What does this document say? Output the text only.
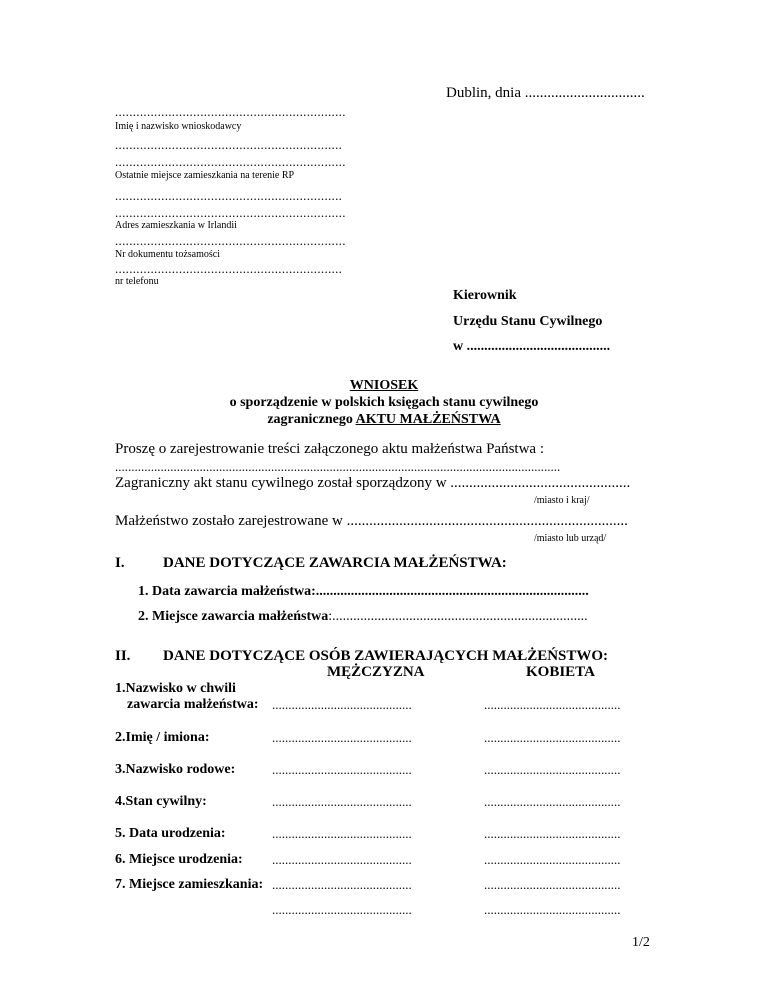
Dublin, dnia ................................
.................................................................
Imię i nazwisko wnioskodawcy
................................................................
.................................................................
Ostatnie miejsce zamieszkania na terenie RP
................................................................
.................................................................
Adres zamieszkania w Irlandii
.................................................................
Nr dokumentu tożsamości
................................................................
nr telefonu
Kierownik
Urzędu Stanu Cywilnego
w .........................................
WNIOSEK
o sporządzenie w polskich księgach stanu cywilnego
zagranicznego AKTU MAŁŻEŃSTWA
Proszę o zarejestrowanie treści załączonego aktu małżeństwa Państwa :
.........................................................................................................................................
Zagraniczny akt stanu cywilnego został sporządzony w ................................................
/miasto i kraj/
Małżeństwo zostało zarejestrowane w ...........................................................................
/miasto lub urząd/
I.	DANE DOTYCZĄCE ZAWARCIA MAŁŻEŃSTWA:
1. Data zawarcia małżeństwa:..............................................................................
2. Miejsce zawarcia małżeństwa:.........................................................................
II. DANE DOTYCZĄCE OSÓB ZAWIERAJĄCYCH MAŁŻEŃSTWO:
MĘŻCZYZNA	KOBIETA
1.Nazwisko w chwili
zawarcia małżeństwa: ...........................................	..........................................
2.Imię / imiona:	...........................................	..........................................
3.Nazwisko rodowe:	...........................................	..........................................
4.Stan cywilny:	...........................................	..........................................
5. Data urodzenia:	...........................................	..........................................
6. Miejsce urodzenia: ...........................................	..........................................
7. Miejsce zamieszkania: ...........................................	..........................................
...........................................	..........................................
1/2
